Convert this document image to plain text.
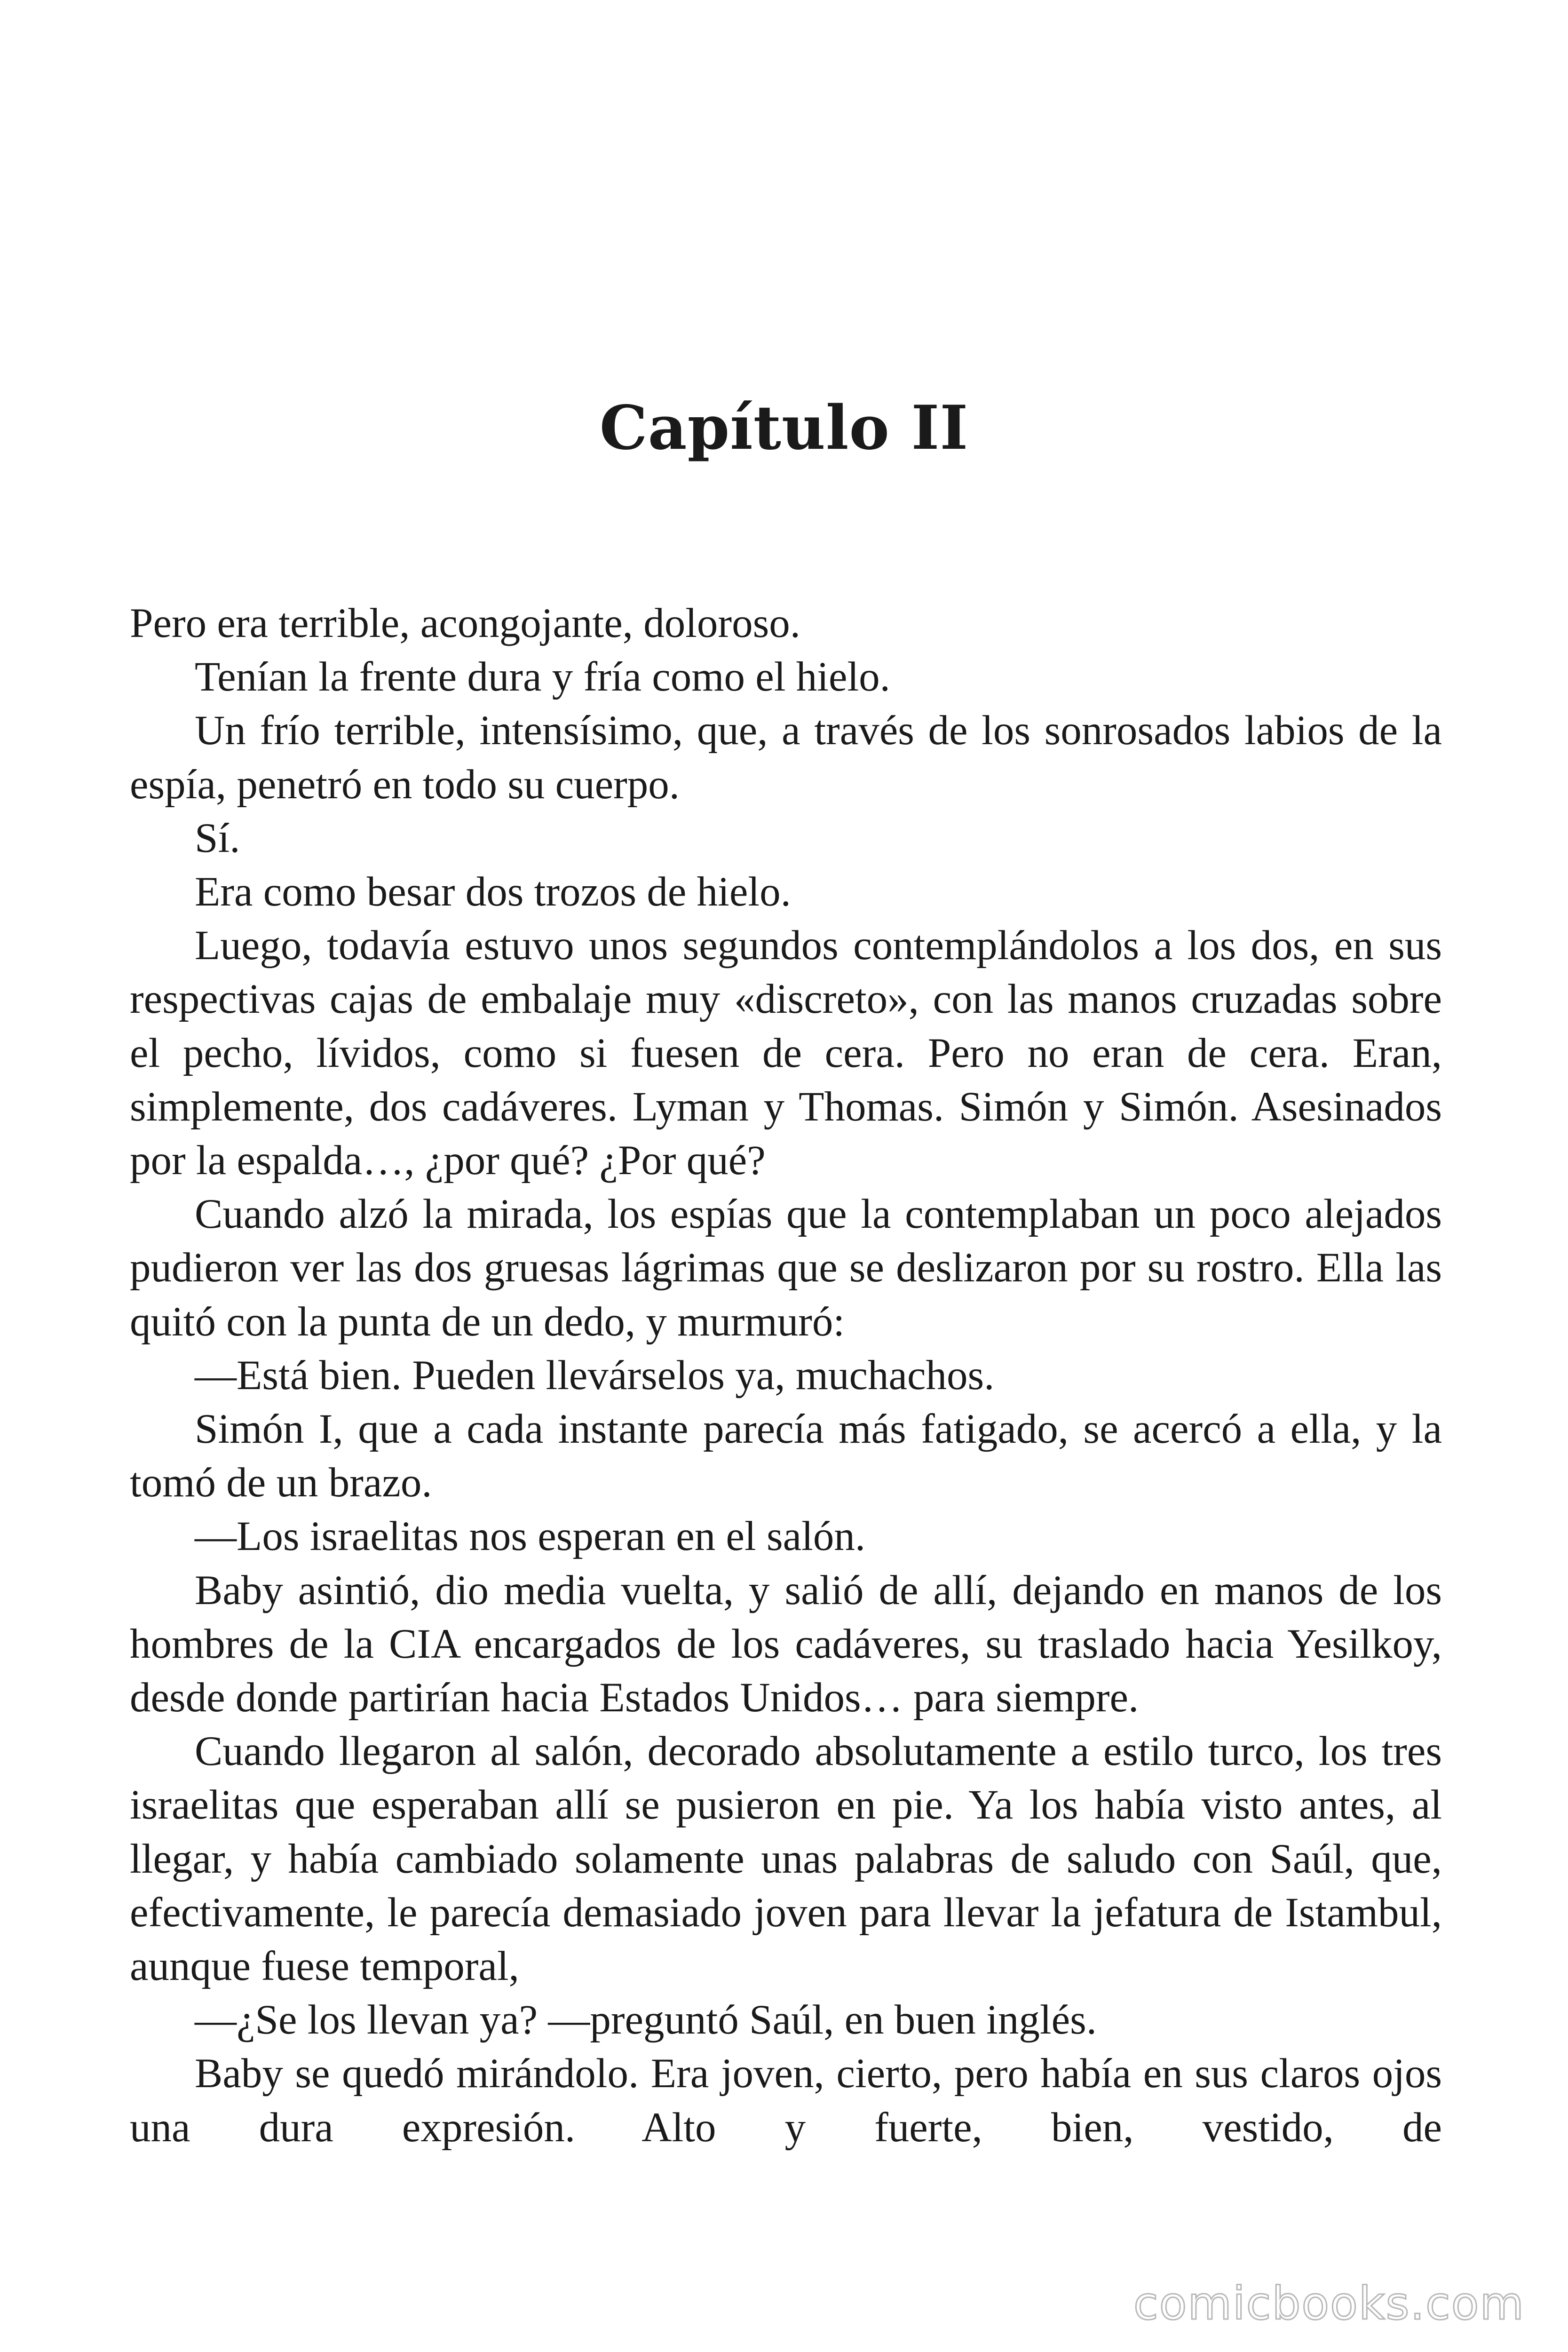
Capítulo II

Pero era terrible, acongojante, doloroso.

Tenían la frente dura y fría como el hielo.

Un frío terrible, intensísimo, que, a través de los sonrosados labios de la espía, penetró en todo su cuerpo.

Sí.

Era como besar dos trozos de hielo.

Luego, todavía estuvo unos segundos contemplándolos a los dos, en sus respectivas cajas de embalaje muy «discreto», con las manos cruzadas sobre el pecho, lívidos, como si fuesen de cera. Pero no eran de cera. Eran, simplemente, dos cadáveres. Lyman y Thomas. Simón y Simón. Asesinados por la espalda…, ¿por qué? ¿Por qué?

Cuando alzó la mirada, los espías que la contemplaban un poco alejados pudieron ver las dos gruesas lágrimas que se deslizaron por su rostro. Ella las quitó con la punta de un dedo, y murmuró:

—Está bien. Pueden llevárselos ya, muchachos.

Simón I, que a cada instante parecía más fatigado, se acercó a ella, y la tomó de un brazo.

—Los israelitas nos esperan en el salón.

Baby asintió, dio media vuelta, y salió de allí, dejando en manos de los hombres de la CIA encargados de los cadáveres, su traslado hacia Yesilkoy, desde donde partirían hacia Estados Unidos… para siempre.

Cuando llegaron al salón, decorado absolutamente a estilo turco, los tres israelitas que esperaban allí se pusieron en pie. Ya los había visto antes, al llegar, y había cambiado solamente unas palabras de saludo con Saúl, que, efectivamente, le parecía demasiado joven para llevar la jefatura de Istambul, aunque fuese temporal,

—¿Se los llevan ya? —preguntó Saúl, en buen inglés.

Baby se quedó mirándolo. Era joven, cierto, pero había en sus claros ojos una dura expresión. Alto y fuerte, bien, vestido, de

comicbooks.com
